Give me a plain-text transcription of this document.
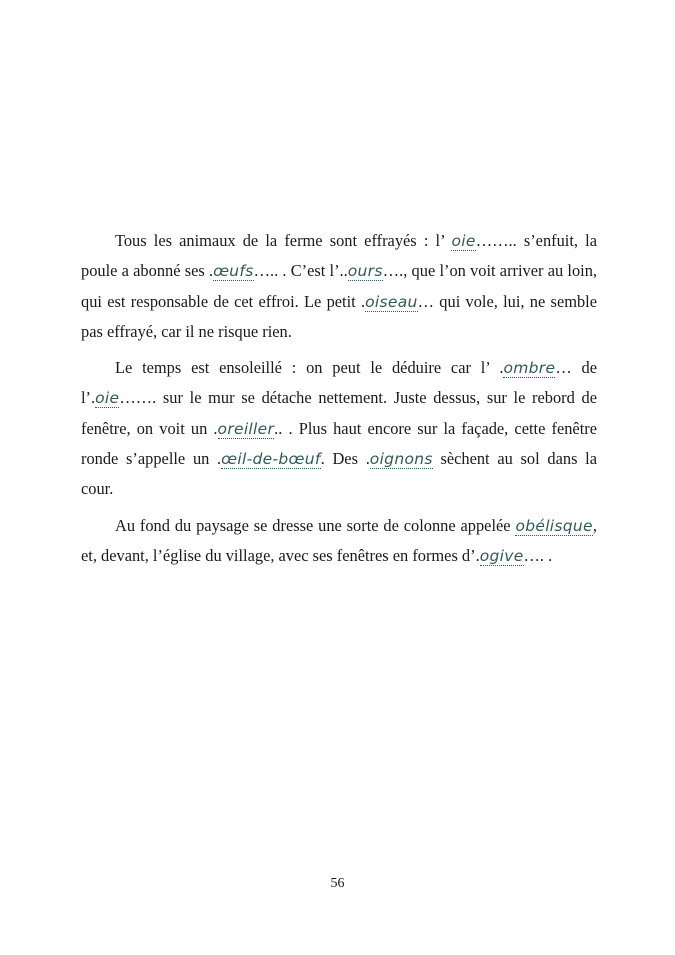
Tous les animaux de la ferme sont effrayés : l’ oie…….. s’enfuit, la poule a abonné ses .œufs….. . C’est l’..ours…., que l’on voit arriver au loin, qui est responsable de cet effroi. Le petit .oiseau… qui vole, lui, ne semble pas effrayé, car il ne risque rien.

Le temps est ensoleillé : on peut le déduire car l’ .ombre… de l’.oie……. sur le mur se détache nettement. Juste dessus, sur le rebord de fenêtre, on voit un .oreiller.. . Plus haut encore sur la façade, cette fenêtre ronde s’appelle un .œil-de-bœuf. Des .oignons sèchent au sol dans la cour.

Au fond du paysage se dresse une sorte de colonne appelée obélisque, et, devant, l’église du village, avec ses fenêtres en formes d’.ogive…. .

56
